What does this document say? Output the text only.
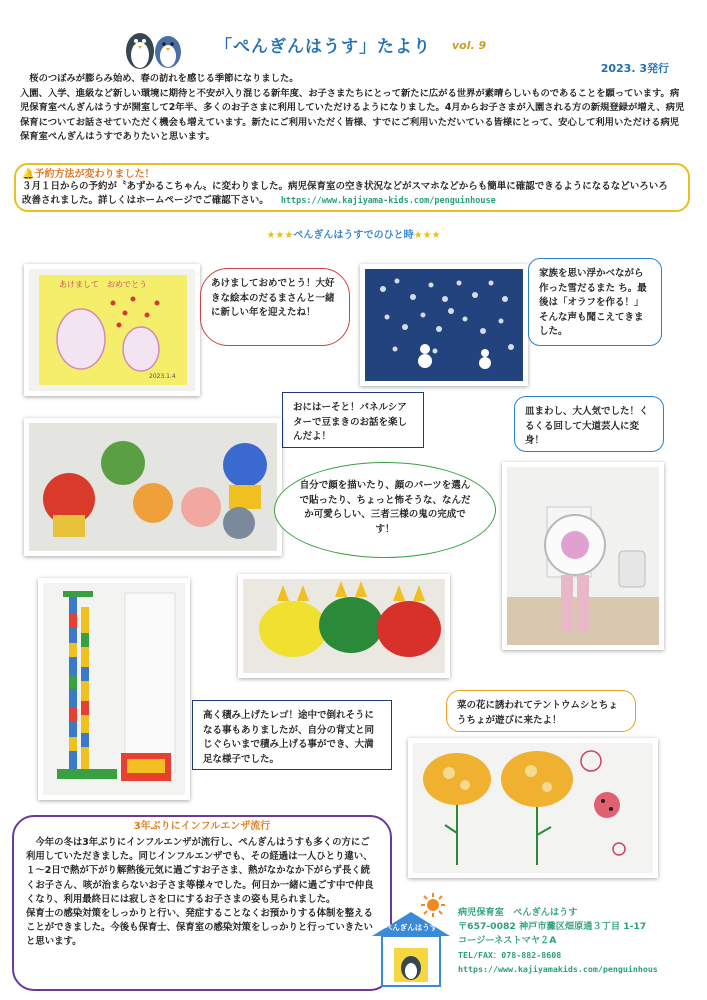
「ぺんぎんはうす」たより vol. 9
2023. 3発行

　桜のつぼみが膨らみ始め、春の訪れを感じる季節になりました。

入園、入学、進級など新しい環境に期待と不安が入り混じる新年度、お子さまたちにとって新たに広がる世界が素晴らしいものであることを願っています。病児保育室ぺんぎんはうすが開室して2年半、多くのお子さまに利用していただけるようになりました。4月からお子さまが入園される方の新規登録が増え、病児保育についてお話させていただく機会も増えています。新たにご利用いただく皆様、すでにご利用いただいている皆様にとって、安心して利用いただける病児保育室ぺんぎんはうすでありたいと思います。

🔔予約方法が変わりました！
３月１日からの予約が〝あずかるこちゃん〟に変わりました。病児保育室の空き状況などがスマホなどからも簡単に確認できるようになるなどいろいろ改善されました。詳しくはホームページでご確認下さい。 https://www.kajiyama-kids.com/penguinhouse
★★★ぺんぎんはうすでのひと時★★★
あけまして　おめでとう
2023.1.4
あけましておめでとう！大好きな絵本のだるまさんと一緒に新しい年を迎えたね！
家族を思い浮かべながら作った雪だるまた ち。最後は「オラフを作る！」そんな声も聞こえてきました。
おにはーそと！パネルシアターで豆まきのお話を楽しんだよ！
皿まわし、大人気でした！くるくる回して大道芸人に変身！
自分で顔を描いたり、顔のパーツを選んで貼ったり、ちょっと怖そうな、なんだか可愛らしい、三者三様の鬼の完成です！
高く積み上げたレゴ！途中で倒れそうになる事もありましたが、自分の背丈と同じぐらいまで積み上げる事ができ、大満足な様子でした。
菜の花に誘われてテントウムシとちょうちょが遊びに来たよ！
3年ぶりにインフルエンザ流行

　今年の冬は3年ぶりにインフルエンザが流行し、ぺんぎんはうすも多くの方にご利用していただきました。同じインフルエンザでも、その経過は一人ひとり違い、１～2日で熱が下がり解熱後元気に過ごすお子さま、熱がなかなか下がらず長く続くお子さん、咳が治まらないお子さま等様々でした。何日か一緒に過ごす中で仲良くなり、利用最終日には寂しさを口にするお子さまの姿も見られました。

保育士の感染対策をしっかりと行い、発症することなくお預かりする体制を整えることができました。今後も保育士、保育室の感染対策をしっかりと行っていきたいと思います。

ぺんぎんはうす
病児保育室　ぺんぎんはうす
〒657-0082 神戸市灘区畑原通３丁目 1-17
コージーネストマヤ２A
TEL/FAX：078-882-8608
https://www.kajiyamakids.com/penguinhous
